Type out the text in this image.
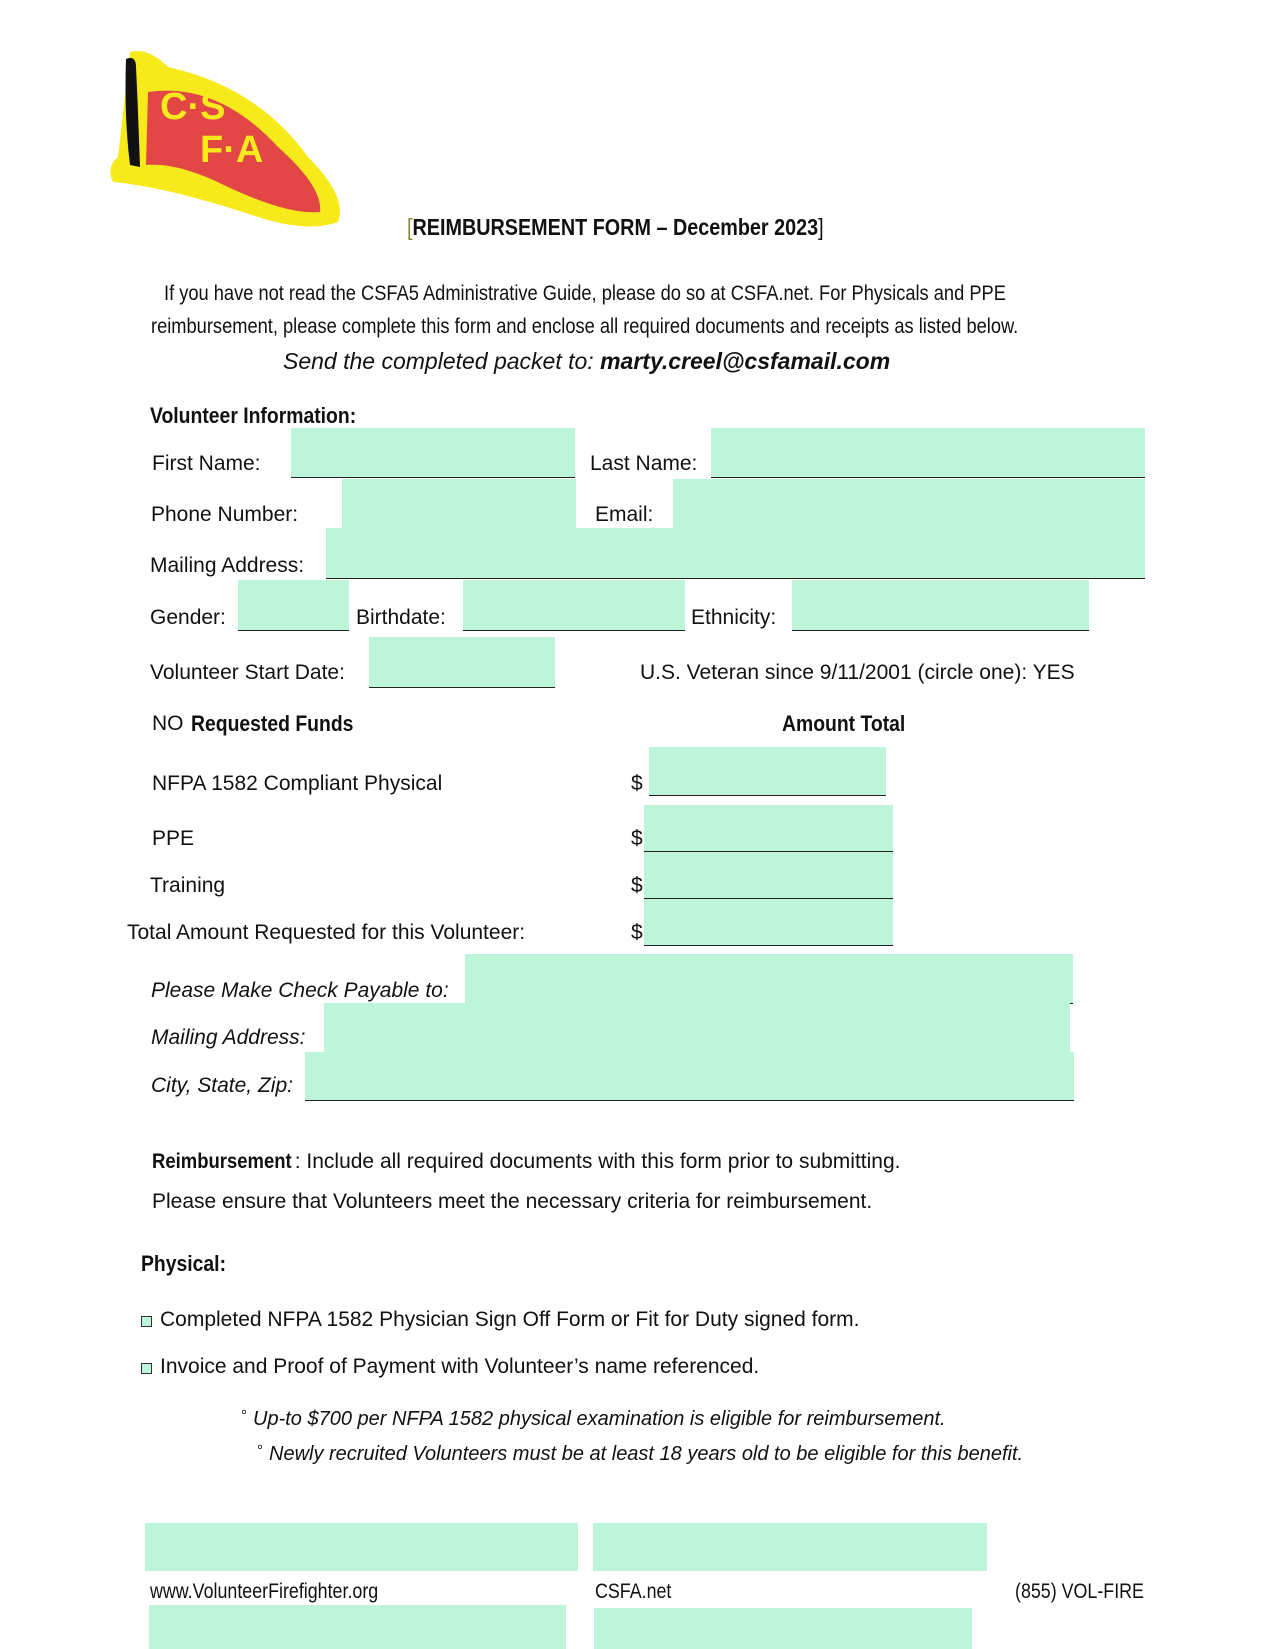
C·S
F·A
[REIMBURSEMENT FORM – December 2023]
If you have not read the CSFA5 Administrative Guide, please do so at CSFA.net. For Physicals and PPE
reimbursement, please complete this form and enclose all required documents and receipts as listed below.
Send the completed packet to: marty.creel@csfamail.com
Volunteer Information:
First Name:	Last Name:
Phone Number:	Email:
Mailing Address:
Gender:	Birthdate:	Ethnicity:
Volunteer Start Date:	U.S. Veteran since 9/11/2001 (circle one): YES
NO Requested Funds	Amount Total
NFPA 1582 Compliant Physical	$
PPE	$
Training	$
Total Amount Requested for this Volunteer:	$
Please Make Check Payable to:
Mailing Address:
City, State, Zip:
Reimbursement : Include all required documents with this form prior to submitting.
Please ensure that Volunteers meet the necessary criteria for reimbursement.
Physical:
Completed NFPA 1582 Physician Sign Off Form or Fit for Duty signed form.
Invoice and Proof of Payment with Volunteer’s name referenced.
° Up-to $700 per NFPA 1582 physical examination is eligible for reimbursement.
° Newly recruited Volunteers must be at least 18 years old to be eligible for this benefit.
www.VolunteerFirefighter.org	CSFA.net	(855) VOL-FIRE
